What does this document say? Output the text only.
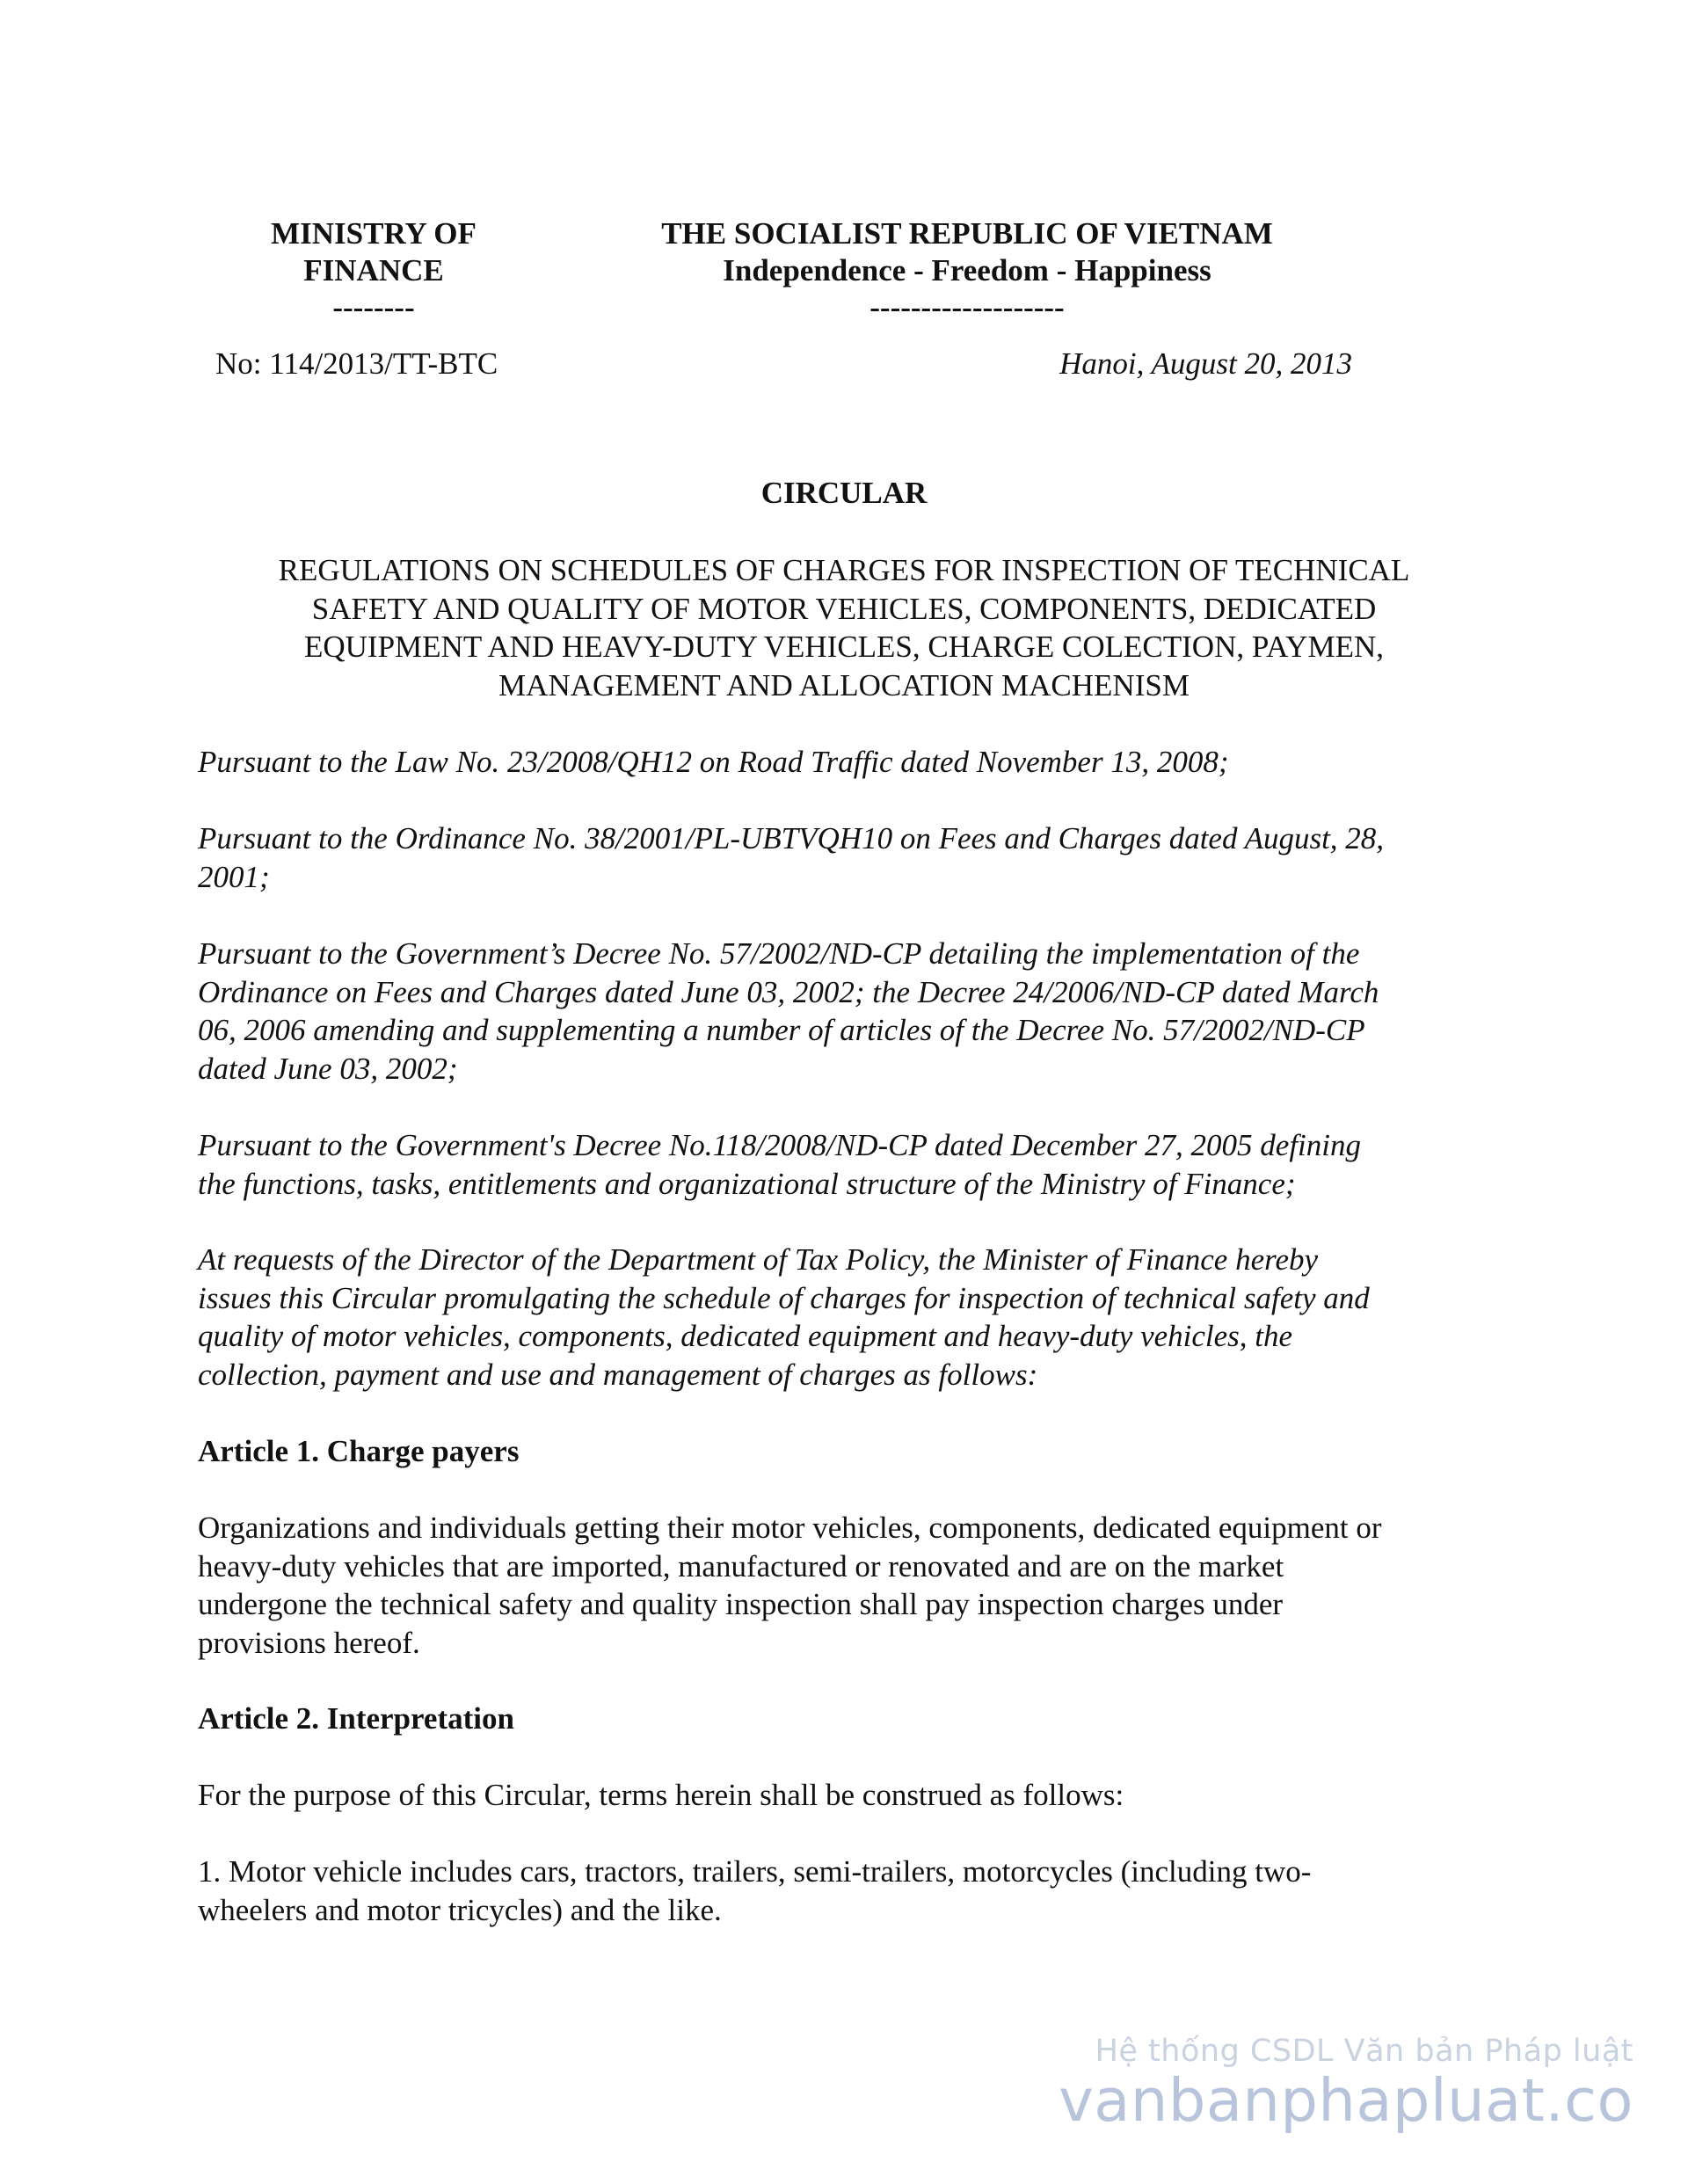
MINISTRY OF
FINANCE
--------
THE SOCIALIST REPUBLIC OF VIETNAM
Independence - Freedom - Happiness
-------------------
No: 114/2013/TT-BTC	Hanoi, August 20, 2013
CIRCULAR
REGULATIONS ON SCHEDULES OF CHARGES FOR INSPECTION OF TECHNICAL
SAFETY AND QUALITY OF MOTOR VEHICLES, COMPONENTS, DEDICATED
EQUIPMENT AND HEAVY-DUTY VEHICLES, CHARGE COLECTION, PAYMEN,
MANAGEMENT AND ALLOCATION MACHENISM
Pursuant to the Law No. 23/2008/QH12 on Road Traffic dated November 13, 2008;
Pursuant to the Ordinance No. 38/2001/PL-UBTVQH10 on Fees and Charges dated August, 28,
2001;
Pursuant to the Government’s Decree No. 57/2002/ND-CP detailing the implementation of the
Ordinance on Fees and Charges dated June 03, 2002; the Decree 24/2006/ND-CP dated March
06, 2006 amending and supplementing a number of articles of the Decree No. 57/2002/ND-CP
dated June 03, 2002;
Pursuant to the Government's Decree No.118/2008/ND-CP dated December 27, 2005 defining
the functions, tasks, entitlements and organizational structure of the Ministry of Finance;
At requests of the Director of the Department of Tax Policy, the Minister of Finance hereby
issues this Circular promulgating the schedule of charges for inspection of technical safety and
quality of motor vehicles, components, dedicated equipment and heavy-duty vehicles, the
collection, payment and use and management of charges as follows:
Article 1. Charge payers
Organizations and individuals getting their motor vehicles, components, dedicated equipment or
heavy-duty vehicles that are imported, manufactured or renovated and are on the market
undergone the technical safety and quality inspection shall pay inspection charges under
provisions hereof.
Article 2. Interpretation
For the purpose of this Circular, terms herein shall be construed as follows:
1. Motor vehicle includes cars, tractors, trailers, semi-trailers, motorcycles (including two-
wheelers and motor tricycles) and the like.
Hệ thống CSDL Văn bản Pháp luật
vanbanphapluat.co
